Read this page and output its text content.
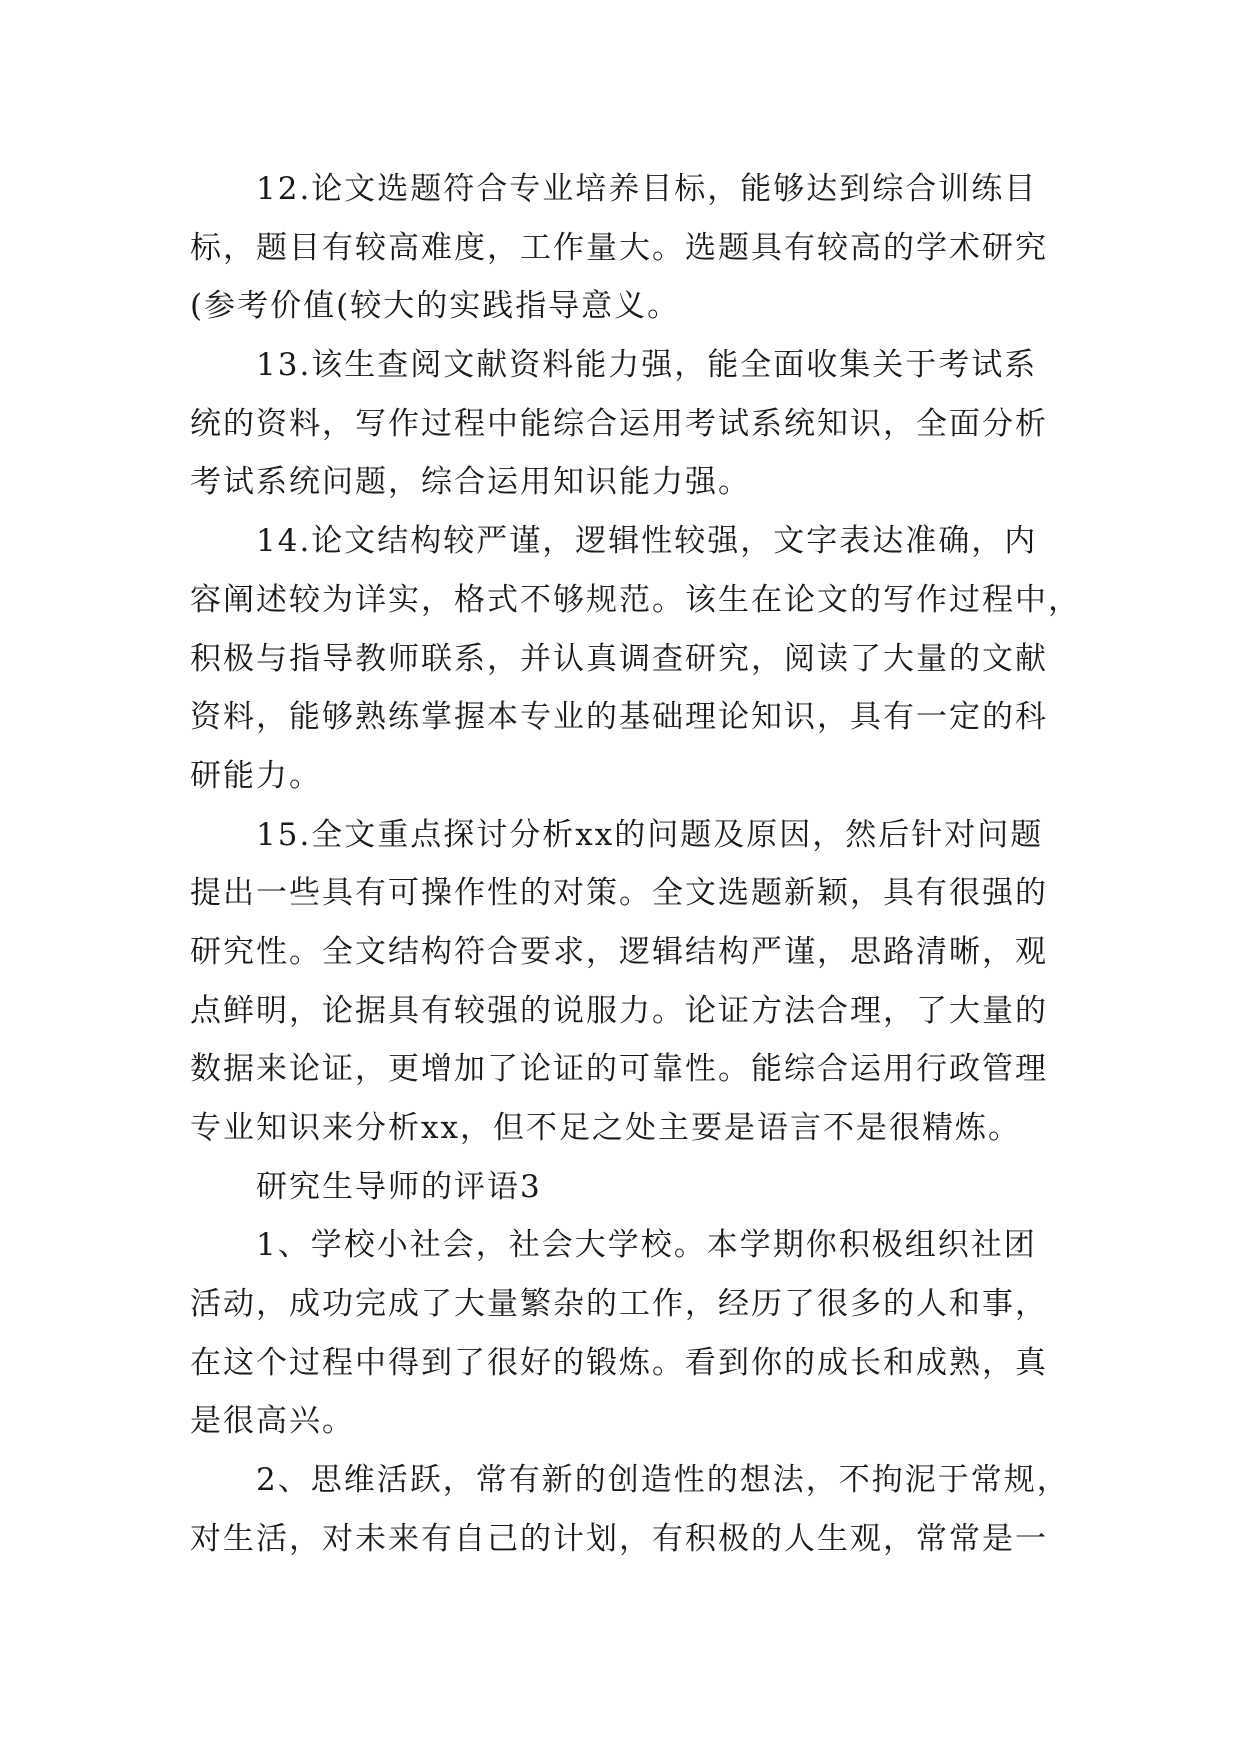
12.论文选题符合专业培养目标，能够达到综合训练目
标，题目有较高难度，工作量大。选题具有较高的学术研究
(参考价值(较大的实践指导意义。
13.该生查阅文献资料能力强，能全面收集关于考试系
统的资料，写作过程中能综合运用考试系统知识，全面分析
考试系统问题，综合运用知识能力强。
14.论文结构较严谨，逻辑性较强，文字表达准确，内
容阐述较为详实，格式不够规范。该生在论文的写作过程中，
积极与指导教师联系，并认真调查研究，阅读了大量的文献
资料，能够熟练掌握本专业的基础理论知识，具有一定的科
研能力。
15.全文重点探讨分析xx的问题及原因，然后针对问题
提出一些具有可操作性的对策。全文选题新颖，具有很强的
研究性。全文结构符合要求，逻辑结构严谨，思路清晰，观
点鲜明，论据具有较强的说服力。论证方法合理，了大量的
数据来论证，更增加了论证的可靠性。能综合运用行政管理
专业知识来分析xx，但不足之处主要是语言不是很精炼。
研究生导师的评语3
1、学校小社会，社会大学校。本学期你积极组织社团
活动，成功完成了大量繁杂的工作，经历了很多的人和事，
在这个过程中得到了很好的锻炼。看到你的成长和成熟，真
是很高兴。
2、思维活跃，常有新的创造性的想法，不拘泥于常规，
对生活，对未来有自己的计划，有积极的人生观，常常是一
